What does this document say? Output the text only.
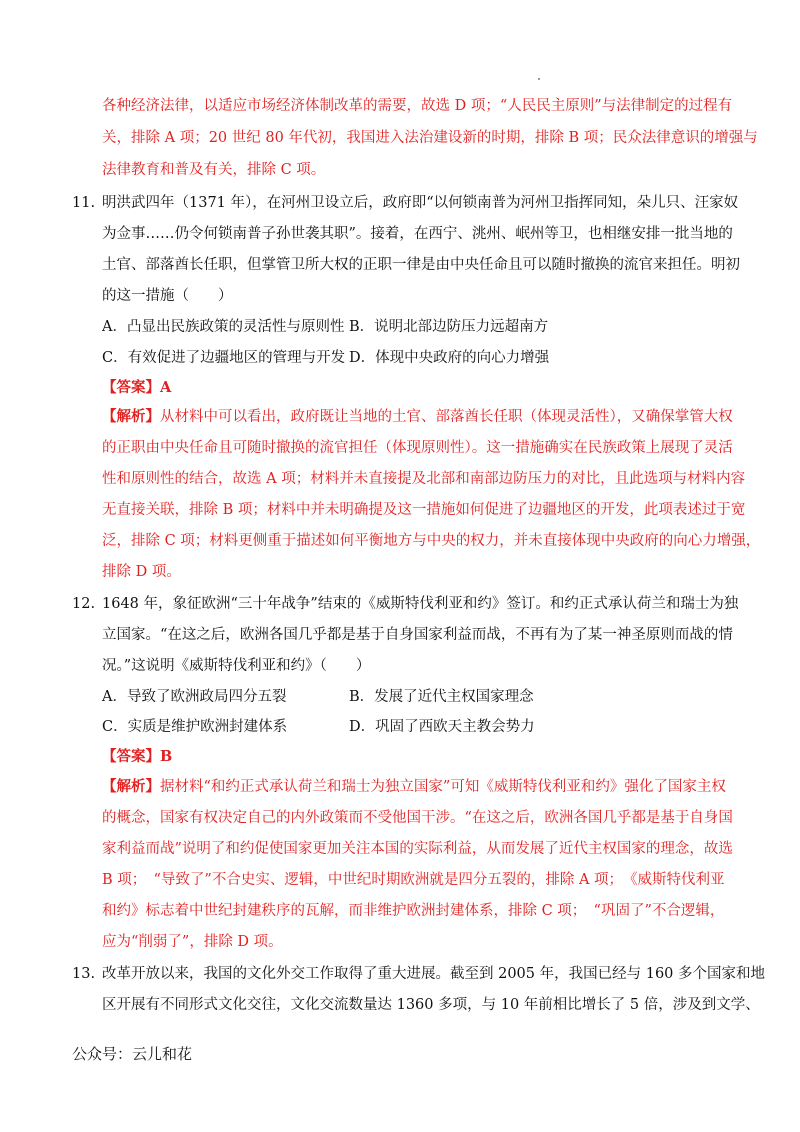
各种经济法律，以适应市场经济体制改革的需要，故选 D 项；“人民民主原则”与法律制定的过程有
关，排除 A 项；20 世纪 80 年代初，我国进入法治建设新的时期，排除 B 项；民众法律意识的增强与
法律教育和普及有关，排除 C 项。
11. 明洪武四年（1371 年），在河州卫设立后，政府即“以何锁南普为河州卫指挥同知，朵儿只、汪家奴
为佥事……仍令何锁南普子孙世袭其职”。接着，在西宁、洮州、岷州等卫，也相继安排一批当地的
土官、部落酋长任职，但掌管卫所大权的正职一律是由中央任命且可以随时撤换的流官来担任。明初
的这一措施（　　）
A．凸显出民族政策的灵活性与原则性 B．说明北部边防压力远超南方
C．有效促进了边疆地区的管理与开发 D．体现中央政府的向心力增强
【答案】A
【解析】从材料中可以看出，政府既让当地的土官、部落酋长任职（体现灵活性），又确保掌管大权
的正职由中央任命且可随时撤换的流官担任（体现原则性）。这一措施确实在民族政策上展现了灵活
性和原则性的结合，故选 A 项；材料并未直接提及北部和南部边防压力的对比，且此选项与材料内容
无直接关联，排除 B 项；材料中并未明确提及这一措施如何促进了边疆地区的开发，此项表述过于宽
泛，排除 C 项；材料更侧重于描述如何平衡地方与中央的权力，并未直接体现中央政府的向心力增强，
排除 D 项。
12. 1648 年，象征欧洲“三十年战争”结束的《威斯特伐利亚和约》签订。和约正式承认荷兰和瑞士为独
立国家。“在这之后，欧洲各国几乎都是基于自身国家利益而战，不再有为了某一神圣原则而战的情
况。”这说明《威斯特伐利亚和约》（　　）
A．导致了欧洲政局四分五裂	B．发展了近代主权国家理念
C．实质是维护欧洲封建体系	D．巩固了西欧天主教会势力
【答案】B
【解析】据材料“和约正式承认荷兰和瑞士为独立国家”可知《威斯特伐利亚和约》强化了国家主权
的概念，国家有权决定自己的内外政策而不受他国干涉。“在这之后，欧洲各国几乎都是基于自身国
家利益而战”说明了和约促使国家更加关注本国的实际利益，从而发展了近代主权国家的理念，故选
B 项；　“导致了”不合史实、逻辑，中世纪时期欧洲就是四分五裂的，排除 A 项；　《威斯特伐利亚
和约》标志着中世纪封建秩序的瓦解，而非维护欧洲封建体系，排除 C 项；　“巩固了”不合逻辑，
应为“削弱了”，排除 D 项。
13. 改革开放以来，我国的文化外交工作取得了重大进展。截至到 2005 年，我国已经与 160 多个国家和地
区开展有不同形式文化交往，文化交流数量达 1360 多项，与 10 年前相比增长了 5 倍，涉及到文学、
公众号：云儿和花
